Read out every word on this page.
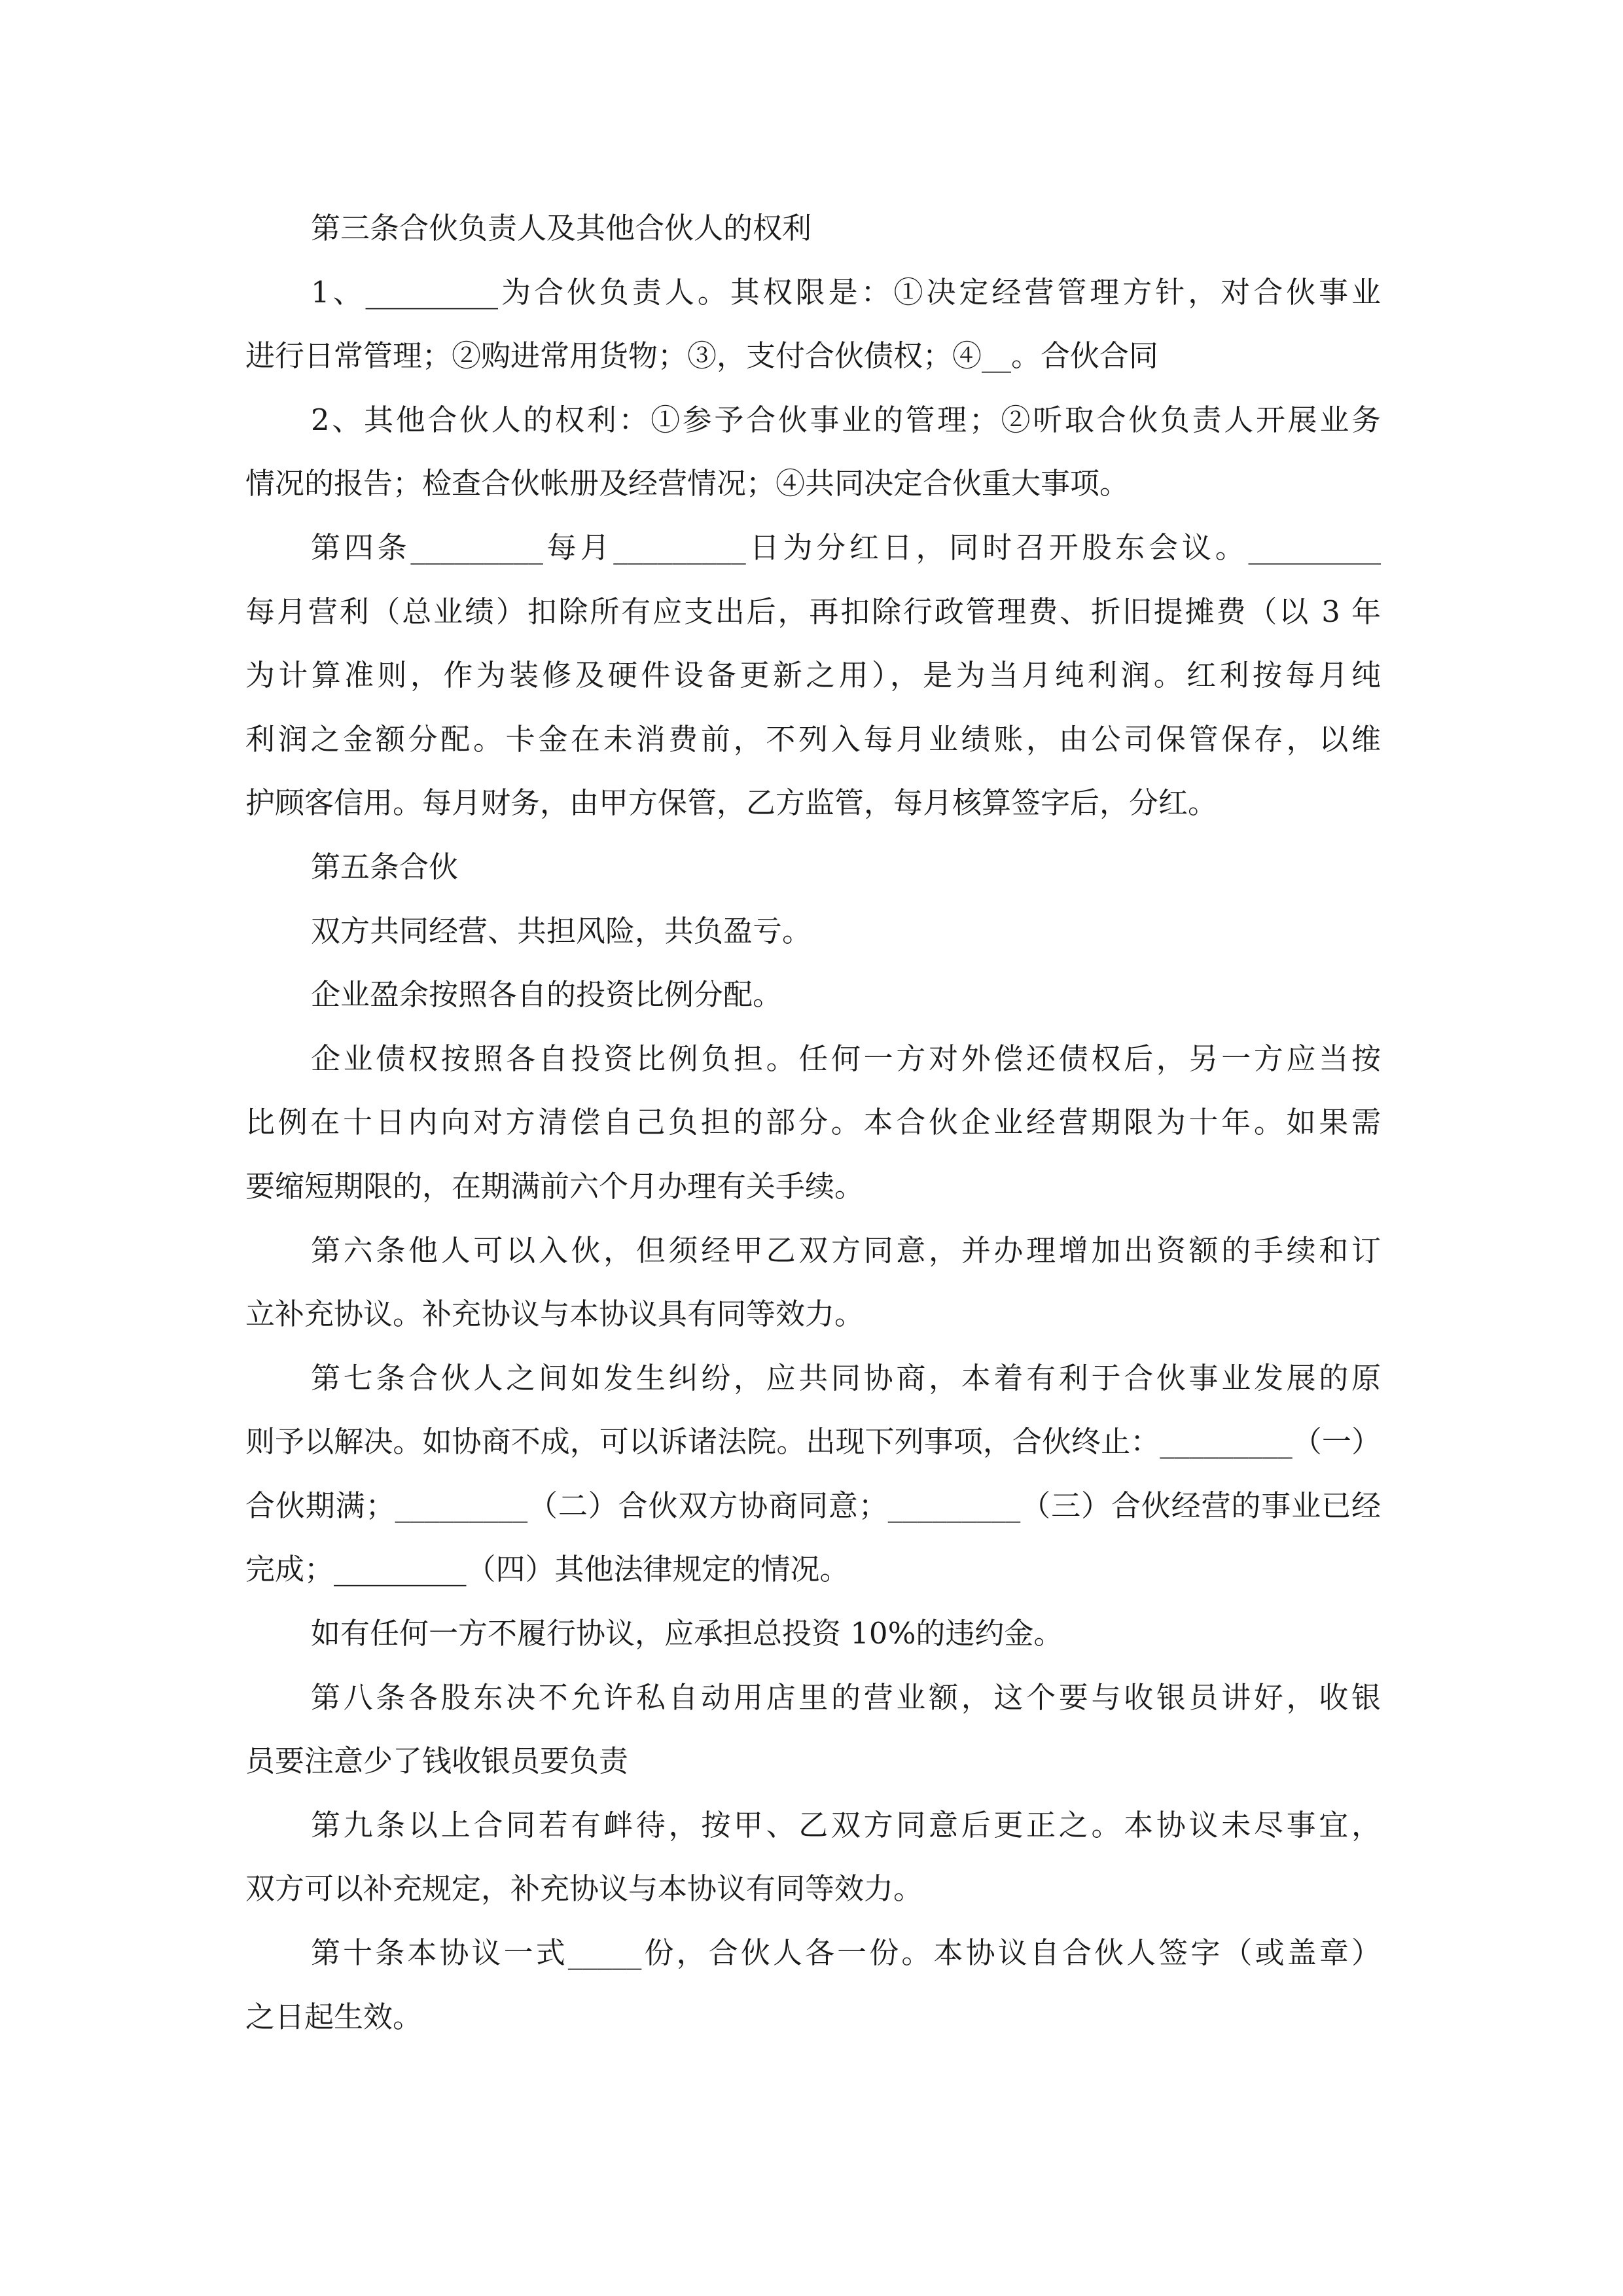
第三条合伙负责人及其他合伙人的权利
1、_________为合伙负责人。其权限是：①决定经营管理方针，对合伙事业
进行日常管理；②购进常用货物；③，支付合伙债权；④__。合伙合同
2、其他合伙人的权利：①参予合伙事业的管理；②听取合伙负责人开展业务
情况的报告；检查合伙帐册及经营情况；④共同决定合伙重大事项。
第四条_________每月_________日为分红日，同时召开股东会议。_________
每月营利（总业绩）扣除所有应支出后，再扣除行政管理费、折旧提摊费（以 3 年
为计算准则，作为装修及硬件设备更新之用），是为当月纯利润。红利按每月纯
利润之金额分配。卡金在未消费前，不列入每月业绩账，由公司保管保存，以维
护顾客信用。每月财务，由甲方保管，乙方监管，每月核算签字后，分红。
第五条合伙
双方共同经营、共担风险，共负盈亏。
企业盈余按照各自的投资比例分配。
企业债权按照各自投资比例负担。任何一方对外偿还债权后，另一方应当按
比例在十日内向对方清偿自己负担的部分。本合伙企业经营期限为十年。如果需
要缩短期限的，在期满前六个月办理有关手续。
第六条他人可以入伙，但须经甲乙双方同意，并办理增加出资额的手续和订
立补充协议。补充协议与本协议具有同等效力。
第七条合伙人之间如发生纠纷，应共同协商，本着有利于合伙事业发展的原
则予以解决。如协商不成，可以诉诸法院。出现下列事项，合伙终止：_________（一）
合伙期满；_________（二）合伙双方协商同意；_________（三）合伙经营的事业已经
完成；_________（四）其他法律规定的情况。
如有任何一方不履行协议，应承担总投资 10%的违约金。
第八条各股东决不允许私自动用店里的营业额，这个要与收银员讲好，收银
员要注意少了钱收银员要负责
第九条以上合同若有衅待，按甲、乙双方同意后更正之。本协议未尽事宜，
双方可以补充规定，补充协议与本协议有同等效力。
第十条本协议一式_____份，合伙人各一份。本协议自合伙人签字（或盖章）
之日起生效。
